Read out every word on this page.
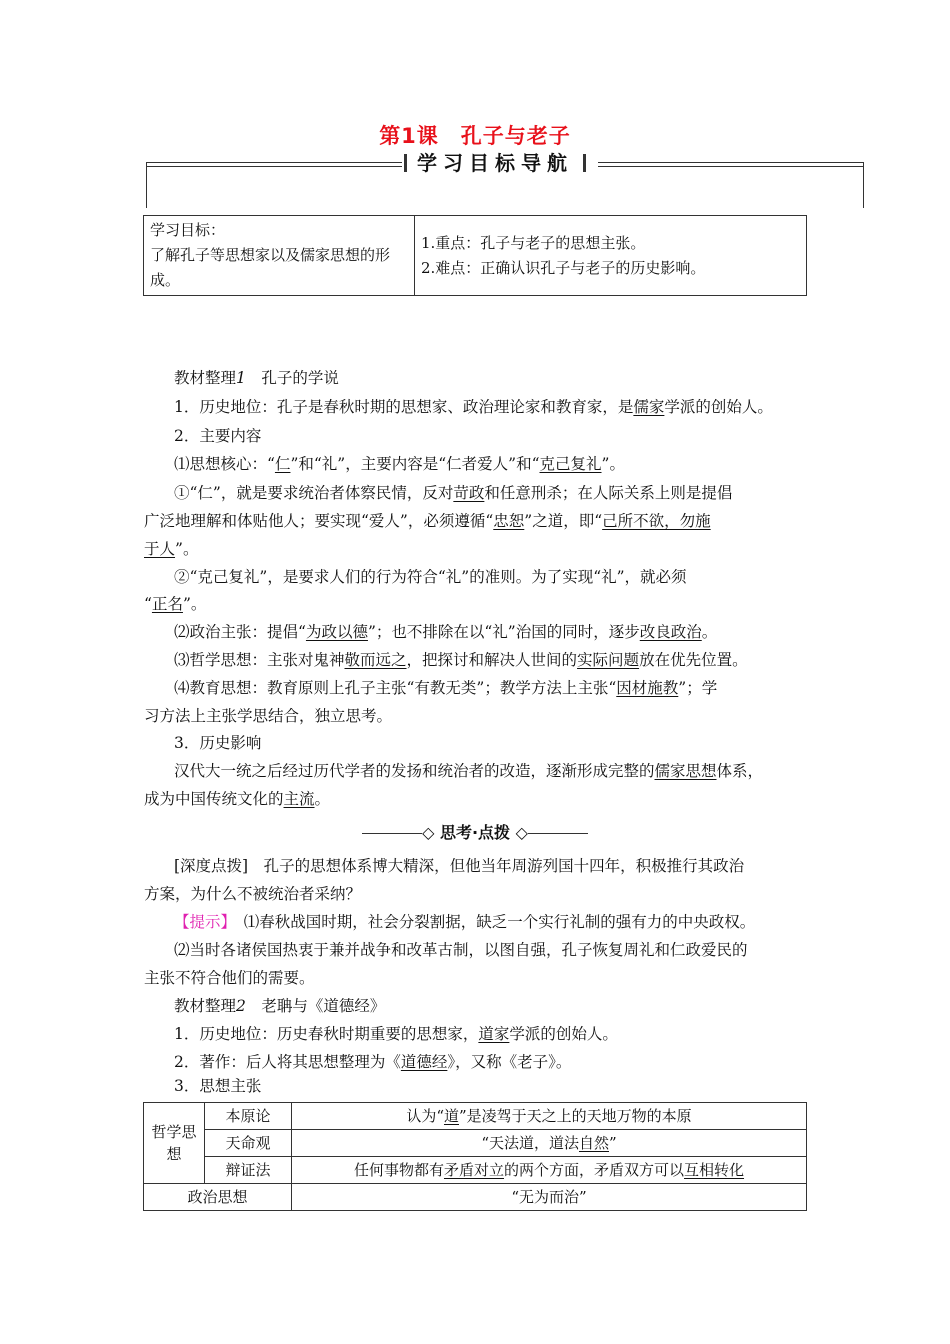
第1课　孔子与老子
学习目标导航
学习目标：
了解孔子等思想家以及儒家思想的形成。

1.重点：孔子与老子的思想主张。
2.难点：正确认识孔子与老子的历史影响。
教材整理1　 孔子的学说
1．历史地位：孔子是春秋时期的思想家、政治理论家和教育家，是儒家学派的创始人。
2．主要内容
⑴思想核心：“仁”和“礼”，主要内容是“仁者爱人”和“克己复礼”。
①“仁”，就是要求统治者体察民情，反对苛政和任意刑杀；在人际关系上则是提倡
广泛地理解和体贴他人；要实现“爱人”，必须遵循“忠恕”之道，即“己所不欲，勿施
于人”。
②“克己复礼”，是要求人们的行为符合“礼”的准则。为了实现“礼”，就必须
“正名”。
⑵政治主张：提倡“为政以德”；也不排除在以“礼”治国的同时，逐步改良政治。
⑶哲学思想：主张对鬼神敬而远之，把探讨和解决人世间的实际问题放在优先位置。
⑷教育思想：教育原则上孔子主张“有教无类”；教学方法上主张“因材施教”；学
习方法上主张学思结合，独立思考。
3．历史影响
汉代大一统之后经过历代学者的发扬和统治者的改造，逐渐形成完整的儒家思想体系，
成为中国传统文化的主流。
◇ 思考·点拨 ◇
[深度点拨]　 孔子的思想体系博大精深，但他当年周游列国十四年，积极推行其政治
方案，为什么不被统治者采纳？
【提示】　 ⑴春秋战国时期，社会分裂割据，缺乏一个实行礼制的强有力的中央政权。
⑵当时各诸侯国热衷于兼并战争和改革古制，以图自强，孔子恢复周礼和仁政爱民的
主张不符合他们的需要。
教材整理2　 老聃与《道德经》
1．历史地位：历史春秋时期重要的思想家，道家学派的创始人。
2．著作：后人将其思想整理为《道德经》，又称《老子》。
3．思想主张
哲学思想	本原论	认为“道”是凌驾于天之上的天地万物的本原
	天命观	“天法道，道法自然”
	辩证法	任何事物都有矛盾对立的两个方面，矛盾双方可以互相转化
政治思想		“无为而治”
